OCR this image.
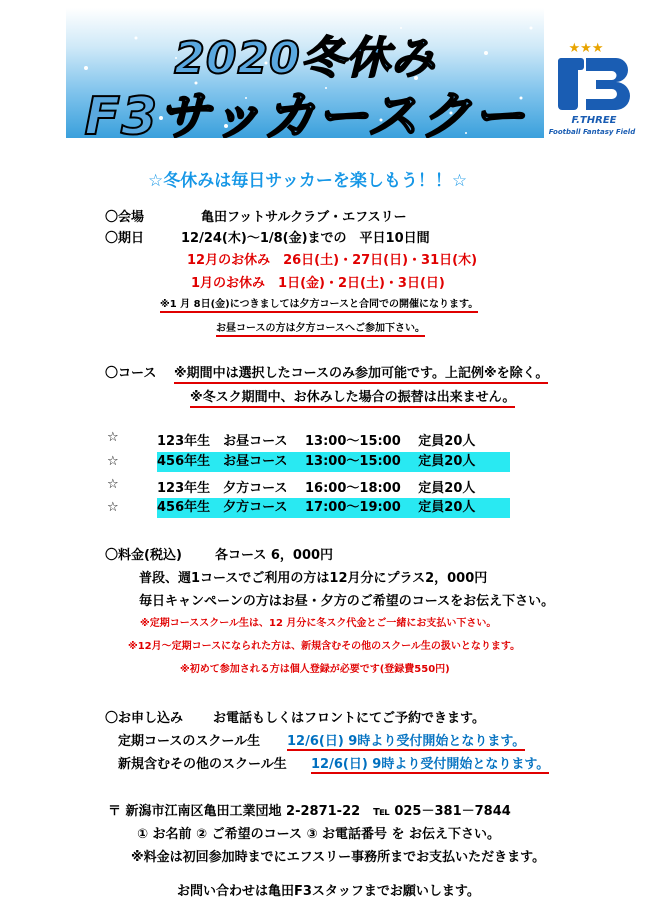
2020冬休み
F3サッカースクー
★★★
F.THREE
Football Fantasy Field
☆冬休みは毎日サッカーを楽しもう！！☆
〇会場	亀田フットサルクラブ・エフスリー
〇期日	12/24(木)～1/8(金)までの　平日10日間
12月のお休み　26日(土)・27日(日)・31日(木)
1月のお休み　1日(金)・2日(土)・3日(日)
※1 月 8日(金)につきましては夕方コースと合同での開催になります。
お昼コースの方は夕方コースへご参加下さい。
〇コース ※期間中は選択したコースのみ参加可能です。上記例※を除く。
※冬スク期間中、お休みした場合の振替は出来ません。
☆	123年生　お昼コース　 13:00～15:00　 定員20人
☆	456年生　お昼コース　 13:00～15:00　 定員20人
☆	123年生　夕方コース　 16:00～18:00　 定員20人
☆	456年生　夕方コース　 17:00～19:00　 定員20人
〇料金(税込)	各コース 6，000円
普段、週1コースでご利用の方は12月分にプラス2，000円
毎日キャンペーンの方はお昼・夕方のご希望のコースをお伝え下さい。
※定期コーススクール生は、12 月分に冬スク代金とご一緒にお支払い下さい。
※12月～定期コースになられた方は、新規含むその他のスクール生の扱いとなります。
※初めて参加される方は個人登録が必要です(登録費550円)
〇お申し込み お電話もしくはフロントにてご予約できます。
定期コースのスクール生 12/6(日) 9時より受付開始となります。
新規含むその他のスクール生 12/6(日) 9時より受付開始となります。
〒 新潟市江南区亀田工業団地 2-2871-22　℡ 025－381－7844
① お名前 ② ご希望のコース ③ お電話番号 を お伝え下さい。
※料金は初回参加時までにエフスリー事務所までお支払いただきます。
お問い合わせは亀田F3スタッフまでお願いします。
